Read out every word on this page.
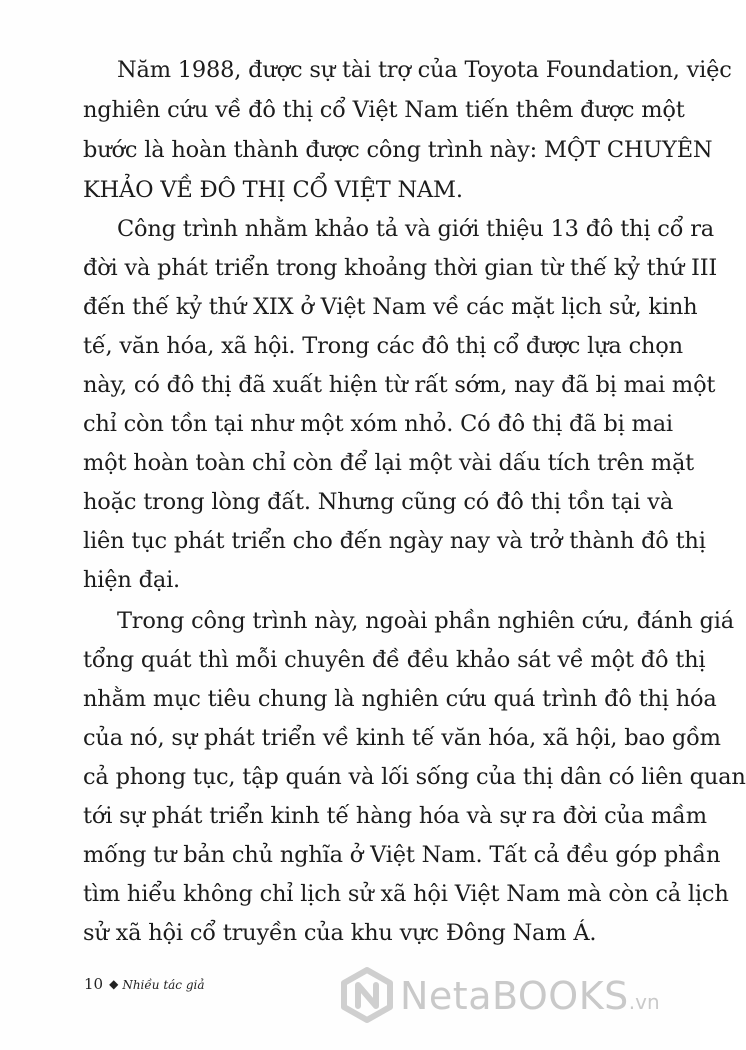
Năm 1988, được sự tài trợ của Toyota Foundation, việc
nghiên cứu về đô thị cổ Việt Nam tiến thêm được một
bước là hoàn thành được công trình này: MỘT CHUYÊN
KHẢO VỀ ĐÔ THỊ CỔ VIỆT NAM.
Công trình nhằm khảo tả và giới thiệu 13 đô thị cổ ra
đời và phát triển trong khoảng thời gian từ thế kỷ thứ III
đến thế kỷ thứ XIX ở Việt Nam về các mặt lịch sử, kinh
tế, văn hóa, xã hội. Trong các đô thị cổ được lựa chọn
này, có đô thị đã xuất hiện từ rất sớm, nay đã bị mai một
chỉ còn tồn tại như một xóm nhỏ. Có đô thị đã bị mai
một hoàn toàn chỉ còn để lại một vài dấu tích trên mặt
hoặc trong lòng đất. Nhưng cũng có đô thị tồn tại và
liên tục phát triển cho đến ngày nay và trở thành đô thị
hiện đại.
Trong công trình này, ngoài phần nghiên cứu, đánh giá
tổng quát thì mỗi chuyên đề đều khảo sát về một đô thị
nhằm mục tiêu chung là nghiên cứu quá trình đô thị hóa
của nó, sự phát triển về kinh tế văn hóa, xã hội, bao gồm
cả phong tục, tập quán và lối sống của thị dân có liên quan
tới sự phát triển kinh tế hàng hóa và sự ra đời của mầm
mống tư bản chủ nghĩa ở Việt Nam. Tất cả đều góp phần
tìm hiểu không chỉ lịch sử xã hội Việt Nam mà còn cả lịch
sử xã hội cổ truyền của khu vực Đông Nam Á.
10 ◆ Nhiều tác giả	NetaBOOKS.vn
